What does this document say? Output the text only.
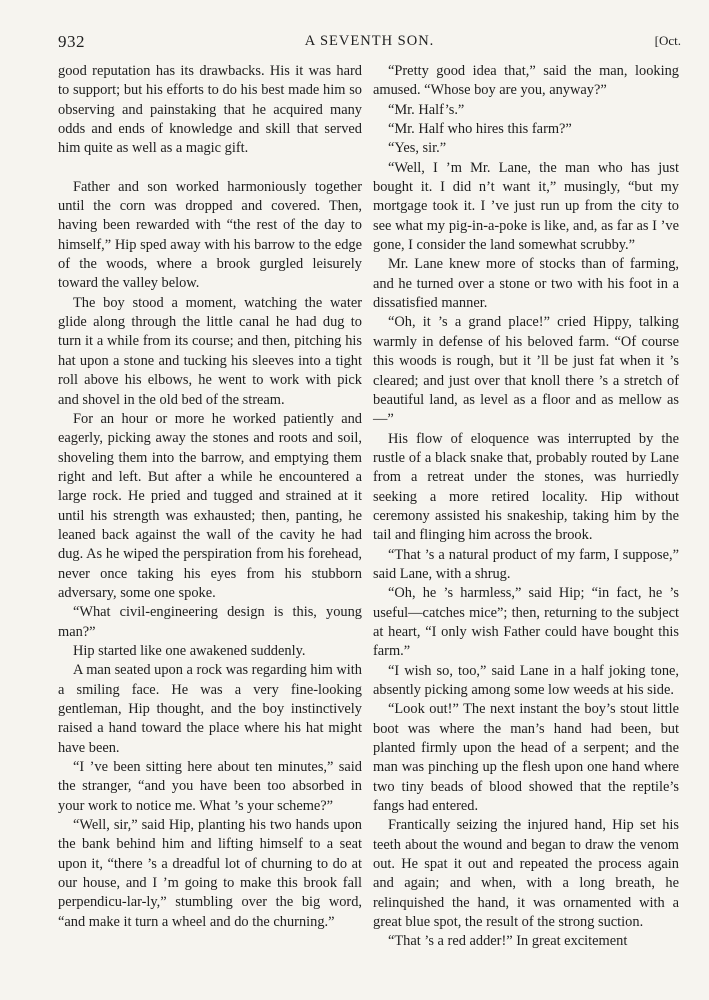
932	A SEVENTH SON.	[Oct.

good reputation has its drawbacks. His it was hard to support; but his efforts to do his best made him so observing and painstaking that he acquired many odds and ends of knowledge and skill that served him quite as well as a magic gift.

Father and son worked harmoniously together until the corn was dropped and covered. Then, having been rewarded with “the rest of the day to himself,” Hip sped away with his barrow to the edge of the woods, where a brook gurgled leisurely toward the valley below.

The boy stood a moment, watching the water glide along through the little canal he had dug to turn it a while from its course; and then, pitching his hat upon a stone and tucking his sleeves into a tight roll above his elbows, he went to work with pick and shovel in the old bed of the stream.

For an hour or more he worked patiently and eagerly, picking away the stones and roots and soil, shoveling them into the barrow, and emptying them right and left. But after a while he encountered a large rock. He pried and tugged and strained at it until his strength was exhausted; then, panting, he leaned back against the wall of the cavity he had dug. As he wiped the perspiration from his forehead, never once taking his eyes from his stubborn adversary, some one spoke.

“What civil-engineering design is this, young man?”

Hip started like one awakened suddenly.

A man seated upon a rock was regarding him with a smiling face. He was a very fine-looking gentleman, Hip thought, and the boy instinctively raised a hand toward the place where his hat might have been.

“I ’ve been sitting here about ten minutes,” said the stranger, “and you have been too absorbed in your work to notice me. What ’s your scheme?”

“Well, sir,” said Hip, planting his two hands upon the bank behind him and lifting himself to a seat upon it, “there ’s a dreadful lot of churning to do at our house, and I ’m going to make this brook fall perpendicu-lar-ly,” stumbling over the big word, “and make it turn a wheel and do the churning.”

“Pretty good idea that,” said the man, looking amused. “Whose boy are you, anyway?”

“Mr. Half’s.”

“Mr. Half who hires this farm?”

“Yes, sir.”

“Well, I ’m Mr. Lane, the man who has just bought it. I did n’t want it,” musingly, “but my mortgage took it. I ’ve just run up from the city to see what my pig-in-a-poke is like, and, as far as I ’ve gone, I consider the land somewhat scrubby.”

Mr. Lane knew more of stocks than of farming, and he turned over a stone or two with his foot in a dissatisfied manner.

“Oh, it ’s a grand place!” cried Hippy, talking warmly in defense of his beloved farm. “Of course this woods is rough, but it ’ll be just fat when it ’s cleared; and just over that knoll there ’s a stretch of beautiful land, as level as a floor and as mellow as —”

His flow of eloquence was interrupted by the rustle of a black snake that, probably routed by Lane from a retreat under the stones, was hurriedly seeking a more retired locality. Hip without ceremony assisted his snakeship, taking him by the tail and flinging him across the brook.

“That ’s a natural product of my farm, I suppose,” said Lane, with a shrug.

“Oh, he ’s harmless,” said Hip; “in fact, he ’s useful—catches mice”; then, returning to the subject at heart, “I only wish Father could have bought this farm.”

“I wish so, too,” said Lane in a half joking tone, absently picking among some low weeds at his side.

“Look out!” The next instant the boy’s stout little boot was where the man’s hand had been, but planted firmly upon the head of a serpent; and the man was pinching up the flesh upon one hand where two tiny beads of blood showed that the reptile’s fangs had entered.

Frantically seizing the injured hand, Hip set his teeth about the wound and began to draw the venom out. He spat it out and repeated the process again and again; and when, with a long breath, he relinquished the hand, it was ornamented with a great blue spot, the result of the strong suction.

“That ’s a red adder!” In great excitement
